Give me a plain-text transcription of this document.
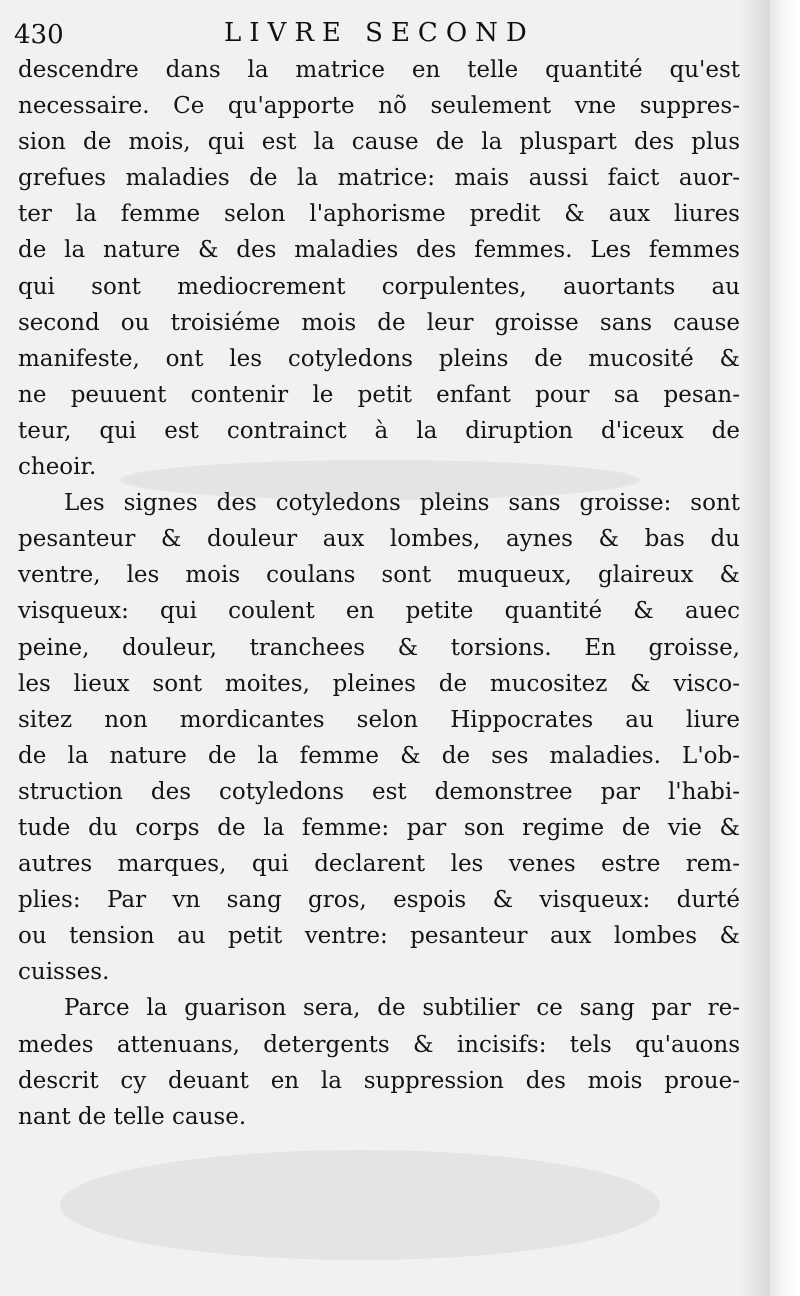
430	LIVRE SECOND
descendre dans la matrice en telle quantité qu'est
necessaire. Ce qu'apporte nõ seulement vne suppres-
sion de mois, qui est la cause de la pluspart des plus
grefues maladies de la matrice: mais aussi faict auor-
ter la femme selon l'aphorisme predit & aux liures
de la nature & des maladies des femmes. Les femmes
qui sont mediocrement corpulentes, auortants au
second ou troisiéme mois de leur groisse sans cause
manifeste, ont les cotyledons pleins de mucosité &
ne peuuent contenir le petit enfant pour sa pesan-
teur, qui est contrainct à la diruption d'iceux de
cheoir.
Les signes des cotyledons pleins sans groisse: sont
pesanteur & douleur aux lombes, aynes & bas du
ventre, les mois coulans sont muqueux, glaireux &
visqueux: qui coulent en petite quantité & auec
peine, douleur, tranchees & torsions. En groisse,
les lieux sont moites, pleines de mucositez & visco-
sitez non mordicantes selon Hippocrates au liure
de la nature de la femme & de ses maladies. L'ob-
struction des cotyledons est demonstree par l'habi-
tude du corps de la femme: par son regime de vie &
autres marques, qui declarent les venes estre rem-
plies: Par vn sang gros, espois & visqueux: durté
ou tension au petit ventre: pesanteur aux lombes &
cuisses.
Parce la guarison sera, de subtilier ce sang par re-
medes attenuans, detergents & incisifs: tels qu'auons
descrit cy deuant en la suppression des mois proue-
nant de telle cause.
